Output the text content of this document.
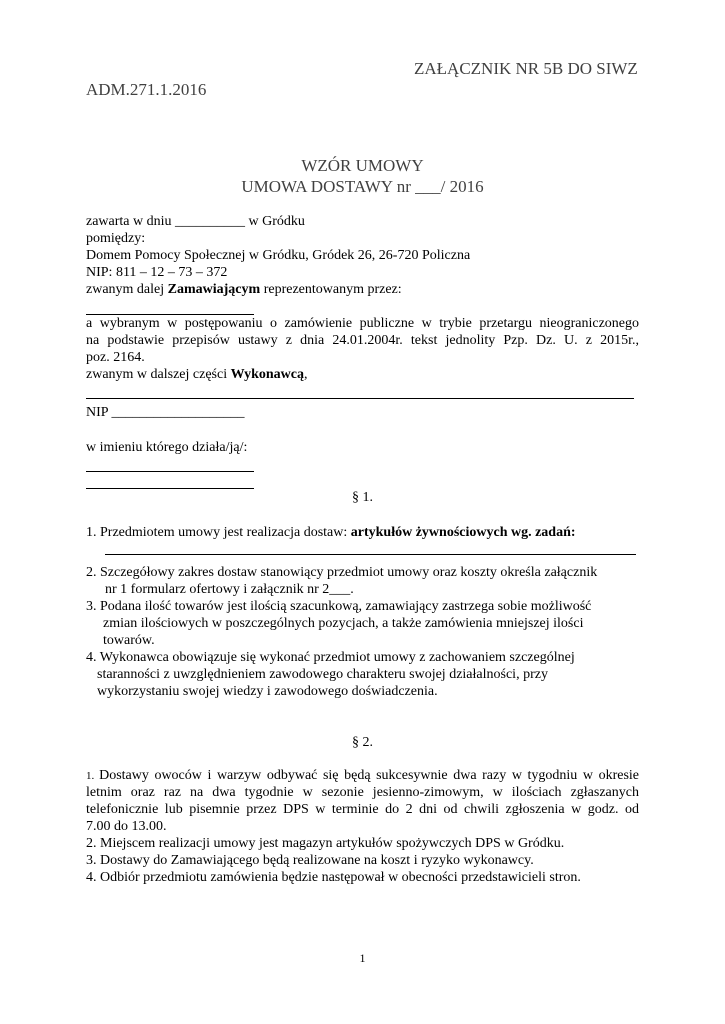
ZAŁĄCZNIK NR 5B DO SIWZ
ADM.271.1.2016
WZÓR UMOWY
UMOWA DOSTAWY nr ___/ 2016
zawarta w dniu __________ w Gródku
pomiędzy:
Domem Pomocy Społecznej w Gródku, Gródek 26, 26-720 Policzna
NIP: 811 – 12 – 73 – 372
zwanym dalej Zamawiającym reprezentowanym przez:
a wybranym w postępowaniu o zamówienie publiczne w trybie przetargu nieograniczonego
na podstawie przepisów ustawy z dnia 24.01.2004r. tekst jednolity Pzp. Dz. U. z 2015r.,
poz. 2164.
zwanym w dalszej części Wykonawcą,
NIP ___________________
w imieniu którego działa/ją/:
§ 1.
1. Przedmiotem umowy jest realizacja dostaw: artykułów żywnościowych wg. zadań:
2. Szczegółowy zakres dostaw stanowiący przedmiot umowy oraz koszty określa załącznik
nr 1 formularz ofertowy i załącznik nr 2___.
3. Podana ilość towarów jest ilością szacunkową, zamawiający zastrzega sobie możliwość
zmian ilościowych w poszczególnych pozycjach, a także zamówienia mniejszej ilości
towarów.
4. Wykonawca obowiązuje się wykonać przedmiot umowy z zachowaniem szczególnej
staranności z uwzględnieniem zawodowego charakteru swojej działalności, przy
wykorzystaniu swojej wiedzy i zawodowego doświadczenia.
§ 2.
1. Dostawy owoców i warzyw odbywać się będą sukcesywnie dwa razy w tygodniu w okresie
letnim oraz raz na dwa tygodnie w sezonie jesienno-zimowym, w ilościach zgłaszanych
telefonicznie lub pisemnie przez DPS w terminie do 2 dni od chwili zgłoszenia w godz. od
7.00 do 13.00.
2. Miejscem realizacji umowy jest magazyn artykułów spożywczych DPS w Gródku.
3. Dostawy do Zamawiającego będą realizowane na koszt i ryzyko wykonawcy.
4. Odbiór przedmiotu zamówienia będzie następował w obecności przedstawicieli stron.
1
